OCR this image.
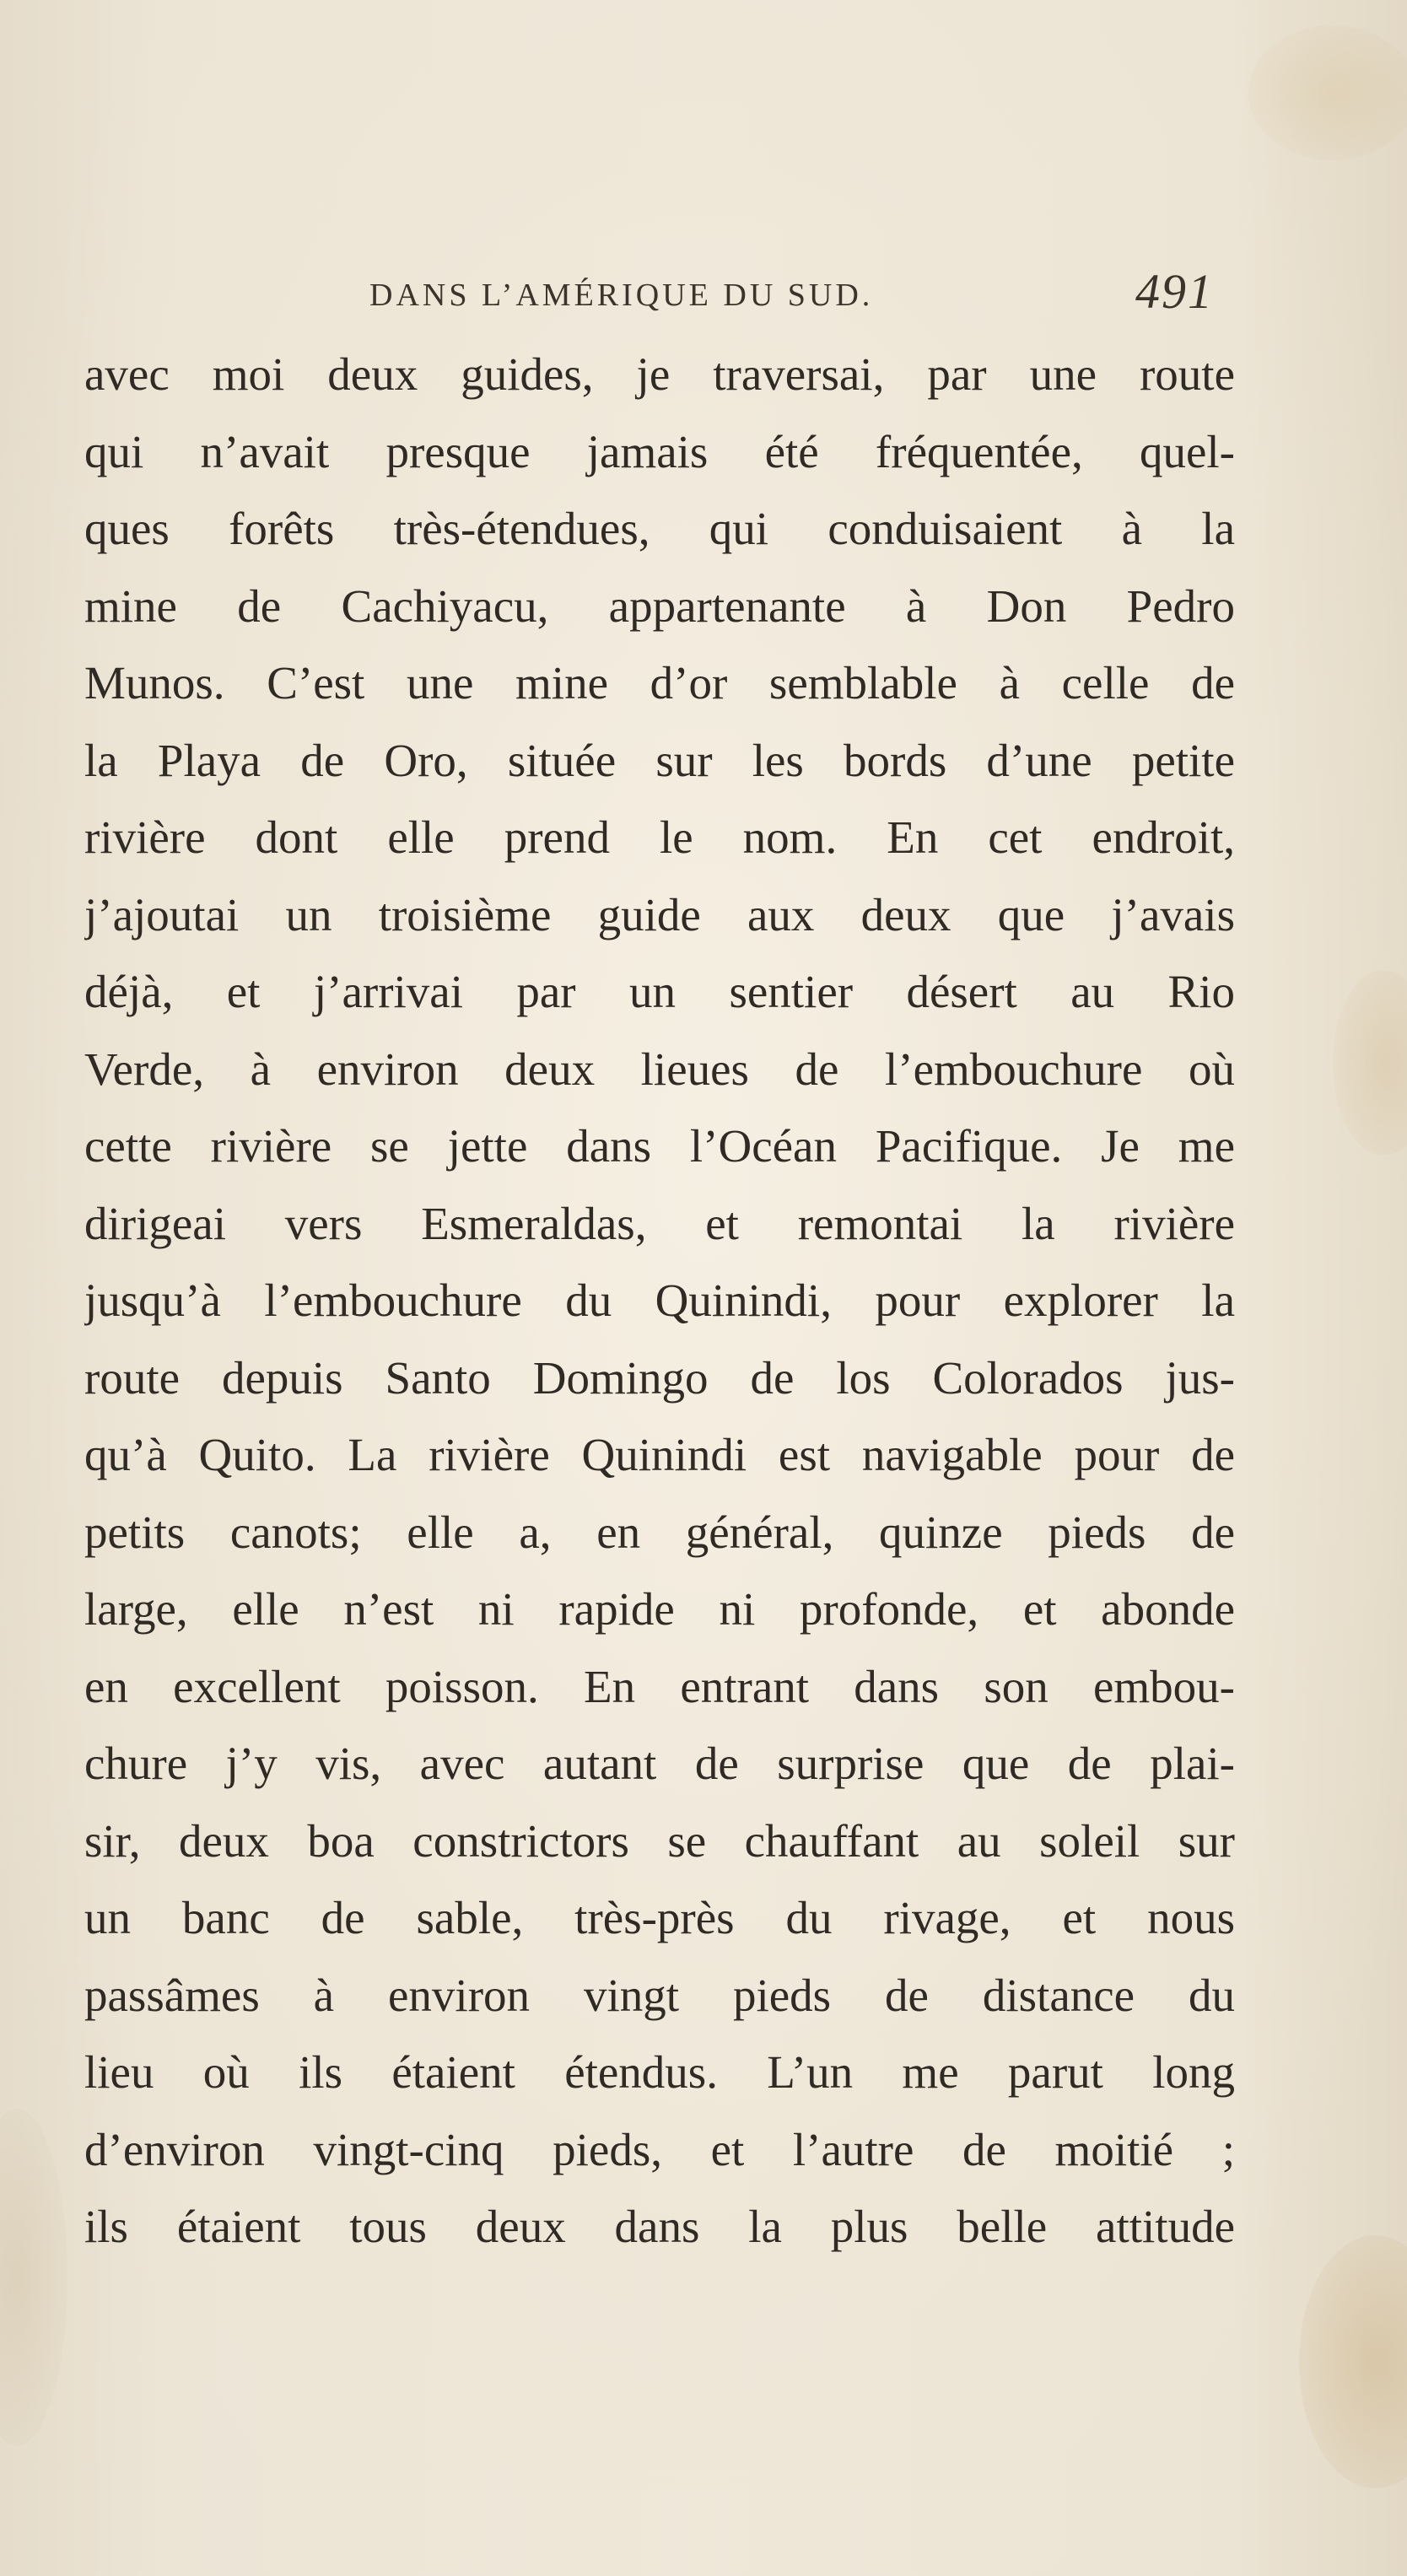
DANS L’AMÉRIQUE DU SUD.	491
avec moi deux guides, je traversai, par une route
qui n’avait presque jamais été fréquentée, quel-
ques forêts très-étendues, qui conduisaient à la
mine de Cachiyacu, appartenante à Don Pedro
Munos. C’est une mine d’or semblable à celle de
la Playa de Oro, située sur les bords d’une petite
rivière dont elle prend le nom. En cet endroit,
j’ajoutai un troisième guide aux deux que j’avais
déjà, et j’arrivai par un sentier désert au Rio
Verde, à environ deux lieues de l’embouchure où
cette rivière se jette dans l’Océan Pacifique. Je me
dirigeai vers Esmeraldas, et remontai la rivière
jusqu’à l’embouchure du Quinindi, pour explorer la
route depuis Santo Domingo de los Colorados jus-
qu’à Quito. La rivière Quinindi est navigable pour de
petits canots; elle a, en général, quinze pieds de
large, elle n’est ni rapide ni profonde, et abonde
en excellent poisson. En entrant dans son embou-
chure j’y vis, avec autant de surprise que de plai-
sir, deux boa constrictors se chauffant au soleil sur
un banc de sable, très-près du rivage, et nous
passâmes à environ vingt pieds de distance du
lieu où ils étaient étendus. L’un me parut long
d’environ vingt-cinq pieds, et l’autre de moitié ;
ils étaient tous deux dans la plus belle attitude
